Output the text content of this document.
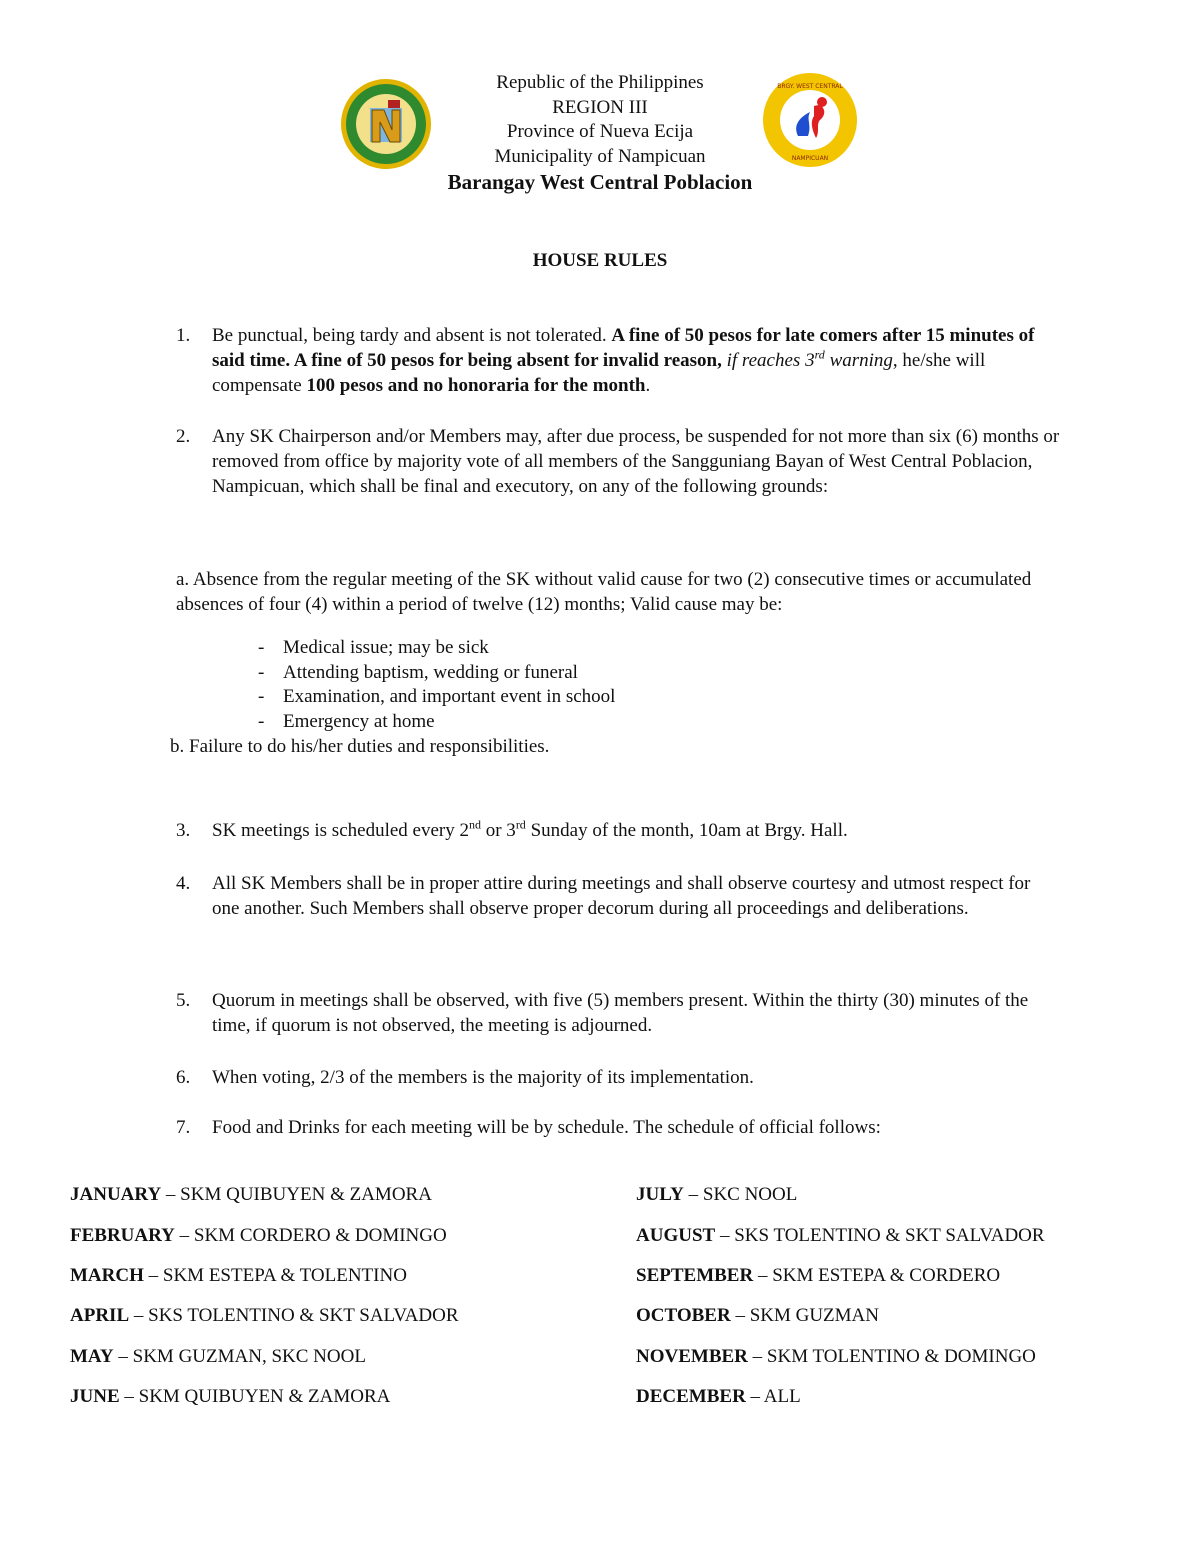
BRGY. WEST CENTRAL
NAMPICUAN
Republic of the Philippines
REGION III
Province of Nueva Ecija
Municipality of Nampicuan
Barangay West Central Poblacion
HOUSE RULES
1.	Be punctual, being tardy and absent is not tolerated. A fine of 50 pesos for late comers after 15 minutes of said time. A fine of 50 pesos for being absent for invalid reason, if reaches 3rd warning, he/she will compensate 100 pesos and no honoraria for the month.
2.	Any SK Chairperson and/or Members may, after due process, be suspended for not more than six (6) months or removed from office by majority vote of all members of the Sangguniang Bayan of West Central Poblacion, Nampicuan, which shall be final and executory, on any of the following grounds:
a. Absence from the regular meeting of the SK without valid cause for two (2) consecutive times or accumulated absences of four (4) within a period of twelve (12) months; Valid cause may be:
- Medical issue; may be sick
- Attending baptism, wedding or funeral
- Examination, and important event in school
- Emergency at home
b. Failure to do his/her duties and responsibilities.
3.	SK meetings is scheduled every 2nd or 3rd Sunday of the month, 10am at Brgy. Hall.
4.	All SK Members shall be in proper attire during meetings and shall observe courtesy and utmost respect for one another. Such Members shall observe proper decorum during all proceedings and deliberations.
5.	Quorum in meetings shall be observed, with five (5) members present. Within the thirty (30) minutes of the time, if quorum is not observed, the meeting is adjourned.
6.	When voting, 2/3 of the members is the majority of its implementation.
7.	Food and Drinks for each meeting will be by schedule. The schedule of official follows:
JANUARY – SKM QUIBUYEN & ZAMORA
FEBRUARY – SKM CORDERO & DOMINGO
MARCH – SKM ESTEPA & TOLENTINO
APRIL – SKS TOLENTINO & SKT SALVADOR
MAY – SKM GUZMAN, SKC NOOL
JUNE – SKM QUIBUYEN & ZAMORA
JULY – SKC NOOL
AUGUST – SKS TOLENTINO & SKT SALVADOR
SEPTEMBER – SKM ESTEPA & CORDERO
OCTOBER – SKM GUZMAN
NOVEMBER – SKM TOLENTINO & DOMINGO
DECEMBER – ALL
